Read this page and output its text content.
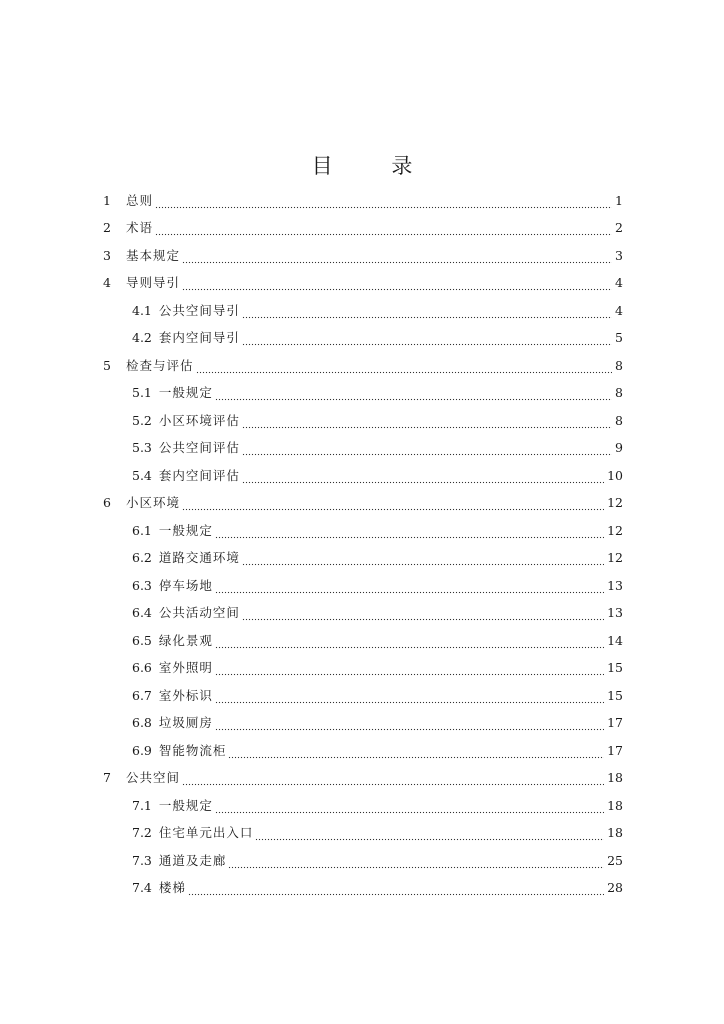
目 录
1	总则	1
2	术语	2
3	基本规定	3
4	导则导引	4
4.1 公共空间导引	4
4.2 套内空间导引	5
5	检查与评估	8
5.1 一般规定	8
5.2 小区环境评估	8
5.3 公共空间评估	9
5.4 套内空间评估	10
6	小区环境	12
6.1 一般规定	12
6.2 道路交通环境	12
6.3 停车场地	13
6.4 公共活动空间	13
6.5 绿化景观	14
6.6 室外照明	15
6.7 室外标识	15
6.8 垃圾厕房	17
6.9 智能物流柜	17
7	公共空间	18
7.1 一般规定	18
7.2 住宅单元出入口	18
7.3 通道及走廊	25
7.4 楼梯	28
